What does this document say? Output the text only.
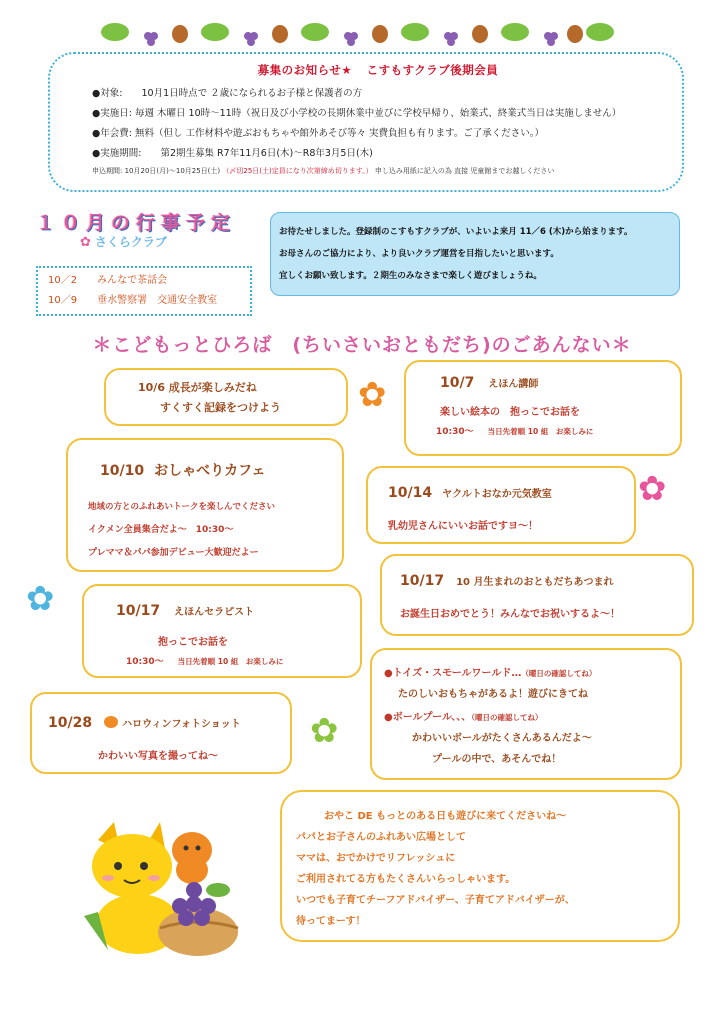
募集のお知らせ★ こすもすクラブ後期会員
●対象:　　10月1日時点で ２歳になられるお子様と保護者の方
●実施日: 毎週 木曜日 10時～11時（祝日及び小学校の長期休業中並びに学校早帰り、始業式、終業式当日は実施しません）
●年会費: 無料（但し 工作材料や遊ぶおもちゃや館外あそび等々 実費負担も有ります。ご了承ください。）
●実施期間:　　第2期生募集 R7年11月6日(木)～R8年3月5日(木)
申込期間: 10月20日(月)～10月25日(土) （〆切25日(土)定員になり次第締め切ります。） 申し込み用紙に記入の為 直接 児童館までお越しください
１０月の行事予定
✿ さくらクラブ
10／2 みんなで茶話会
10／9 垂水警察署　交通安全教室
お待たせしました。登録制のこすもすクラブが、いよいよ来月 11／6 (木)から始まります。
お母さんのご協力により、より良いクラブ運営を目指したいと思います。
宜しくお願い致します。２期生のみなさまで楽しく遊びましょうね。
＊こどもっとひろば　(ちいさいおともだち)のごあんない＊
✿
✿
✿
✿
10/6 成長が楽しみだね
すくすく記録をつけよう
10/7 えほん講師
楽しい絵本の　抱っこでお話を
10:30～ 当日先着順 10 組　お楽しみに
10/10 おしゃべりカフェ
地域の方とのふれあいトークを楽しんでください
イクメン全員集合だよ～　10:30～
プレママ＆パパ参加デビュー大歓迎だよー
10/14 ヤクルトおなか元気教室
乳幼児さんにいいお話ですヨ～！
10/17 10 月生まれのおともだちあつまれ
お誕生日おめでとう！みんなでお祝いするよ～！
10/17 えほんセラピスト
抱っこでお話を
10:30～ 当日先着順 10 組　お楽しみに
●トイズ・スモールワールド…（曜日の確認してね）
たのしいおもちゃがあるよ！遊びにきてね
●ボールプール、、、（曜日の確認してね）
かわいいボールがたくさんあるんだよ～
プールの中で、あそんでね！
10/28	ハロウィンフォトショット
かわいい写真を撮ってね～
おやこ DE もっとのある日も遊びに来てくださいね～
パパとお子さんのふれあい広場として
ママは、おでかけでリフレッシュに
ご利用されてる方もたくさんいらっしゃいます。
いつでも子育てチーフアドバイザー、子育てアドバイザーが、
待ってまーす！
